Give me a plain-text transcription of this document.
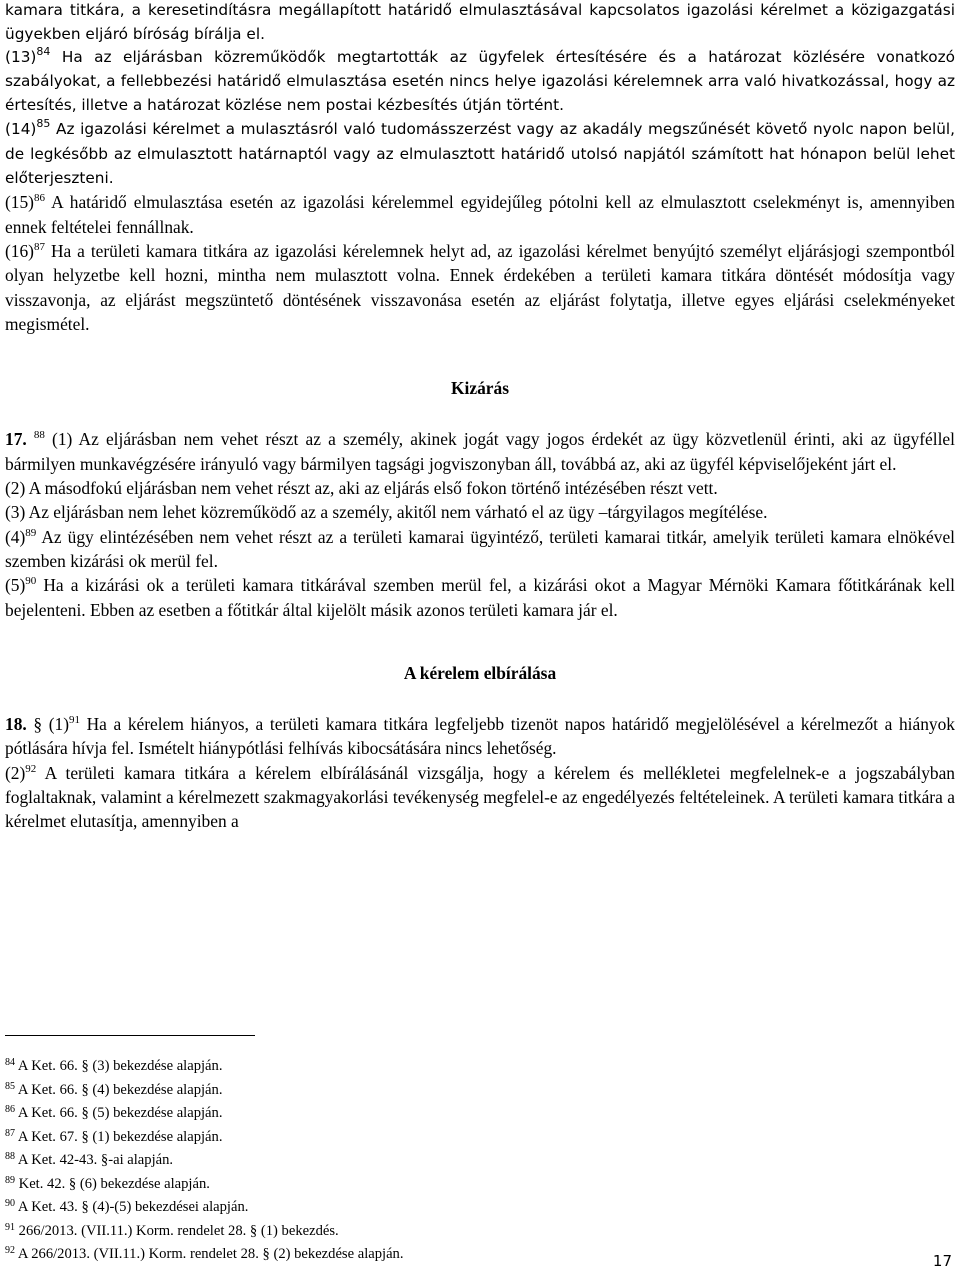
kamara titkára, a keresetindításra megállapított határidő elmulasztásával kapcsolatos igazolási kérelmet a közigazgatási ügyekben eljáró bíróság bírálja el.

$(13)^{84}$ Ha az eljárásban közreműködők megtartották az ügyfelek értesítésére és a határozat közlésére vonatkozó szabályokat, a fellebbezési határidő elmulasztása esetén nincs helye igazolási kérelemnek arra való hivatkozással, hogy az értesítés, illetve a határozat közlése nem postai kézbesítés útján történt.

$(14)^{85}$ Az igazolási kérelmet a mulasztásról való tudomásszerzést vagy az akadály megszűnését követő nyolc napon belül, de legkésőbb az elmulasztott határnaptól vagy az elmulasztott határidő utolsó napjától számított hat hónapon belül lehet előterjeszteni.

$(15)^{86}$ A határidő elmulasztása esetén az igazolási kérelemmel egyidejűleg pótolni kell az elmulasztott cselekményt is, amennyiben ennek feltételei fennállnak.

$(16)^{87}$ Ha a területi kamara titkára az igazolási kérelemnek helyt ad, az igazolási kérelmet benyújtó személyt eljárásjogi szempontból olyan helyzetbe kell hozni, mintha nem mulasztott volna. Ennek érdekében a területi kamara titkára döntését módosítja vagy visszavonja, az eljárást megszüntető döntésének visszavonása esetén az eljárást folytatja, illetve egyes eljárási cselekményeket megismétel.

Kizárás

17. $^{88}$ (1) Az eljárásban nem vehet részt az a személy, akinek jogát vagy jogos érdekét az ügy közvetlenül érinti, aki az ügyféllel bármilyen munkavégzésére irányuló vagy bármilyen tagsági jogviszonyban áll, továbbá az, aki az ügyfél képviselőjeként járt el.

(2) A másodfokú eljárásban nem vehet részt az, aki az eljárás első fokon történő intézésében részt vett.

(3) Az eljárásban nem lehet közreműködő az a személy, akitől nem várható el az ügy –tárgyilagos megítélése.

$(4)^{89}$ Az ügy elintézésében nem vehet részt az a területi kamarai ügyintéző, területi kamarai titkár, amelyik területi kamara elnökével szemben kizárási ok merül fel.

$(5)^{90}$ Ha a kizárási ok a területi kamara titkárával szemben merül fel, a kizárási okot a Magyar Mérnöki Kamara főtitkárának kell bejelenteni. Ebben az esetben a főtitkár által kijelölt másik azonos területi kamara jár el.

A kérelem elbírálása

18. § $(1)^{91}$ Ha a kérelem hiányos, a területi kamara titkára legfeljebb tizenöt napos határidő megjelölésével a kérelmezőt a hiányok pótlására hívja fel. Ismételt hiánypótlási felhívás kibocsátására nincs lehetőség.

$(2)^{92}$ A területi kamara titkára a kérelem elbírálásánál vizsgálja, hogy a kérelem és mellékletei megfelelnek-e a jogszabályban foglaltaknak, valamint a kérelmezett szakmagyakorlási tevékenység megfelel-e az engedélyezés feltételeinek. A területi kamara titkára a kérelmet elutasítja, amennyiben a

$^{84}$ A Ket. 66. § (3) bekezdése alapján.
$^{85}$ A Ket. 66. § (4) bekezdése alapján.
$^{86}$ A Ket. 66. § (5) bekezdése alapján.
$^{87}$ A Ket. 67. § (1) bekezdése alapján.
$^{88}$ A Ket. 42-43. §-ai alapján.
$^{89}$ Ket. 42. § (6) bekezdése alapján.
$^{90}$ A Ket. 43. § (4)-(5) bekezdései alapján.
$^{91}$ 266/2013. (VII.11.) Korm. rendelet 28. § (1) bekezdés.
$^{92}$ A 266/2013. (VII.11.) Korm. rendelet 28. § (2) bekezdése alapján.	17
